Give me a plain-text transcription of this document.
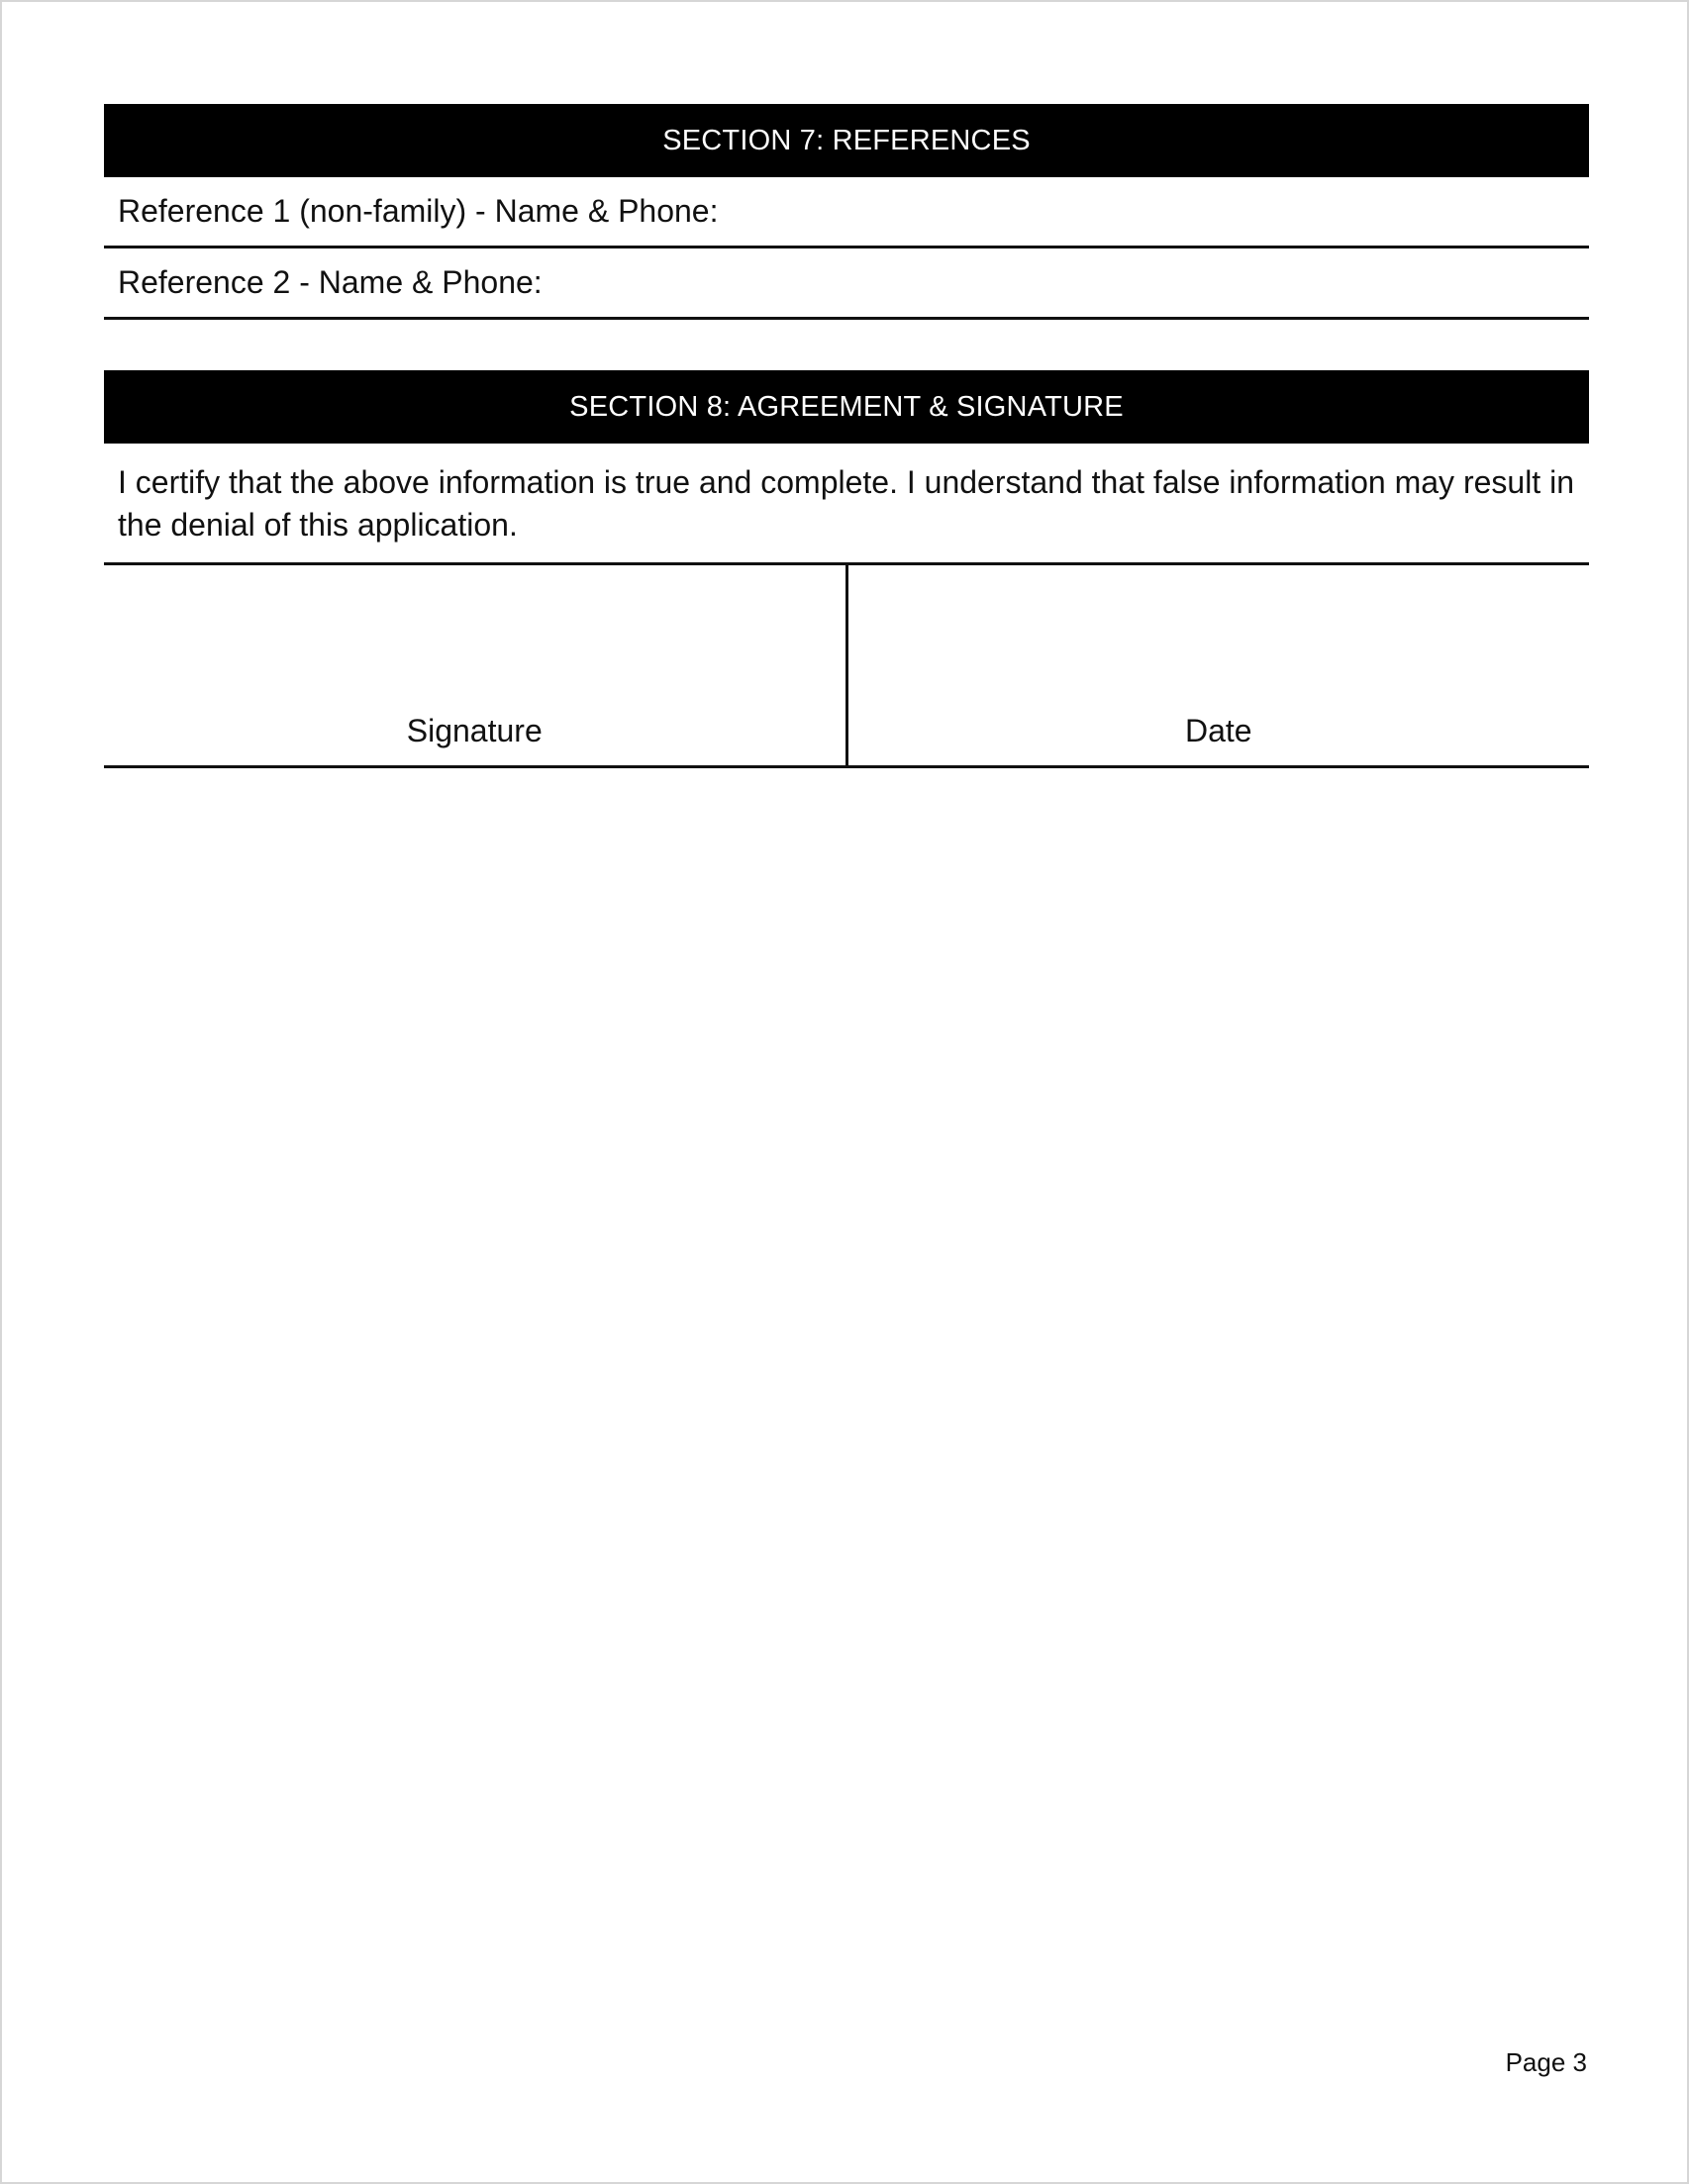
SECTION 7: REFERENCES
Reference 1 (non-family) - Name & Phone:
Reference 2 - Name & Phone:
SECTION 8: AGREEMENT & SIGNATURE
I certify that the above information is true and complete. I understand that false information may result in the denial of this application.
Signature	Date
Page 3
